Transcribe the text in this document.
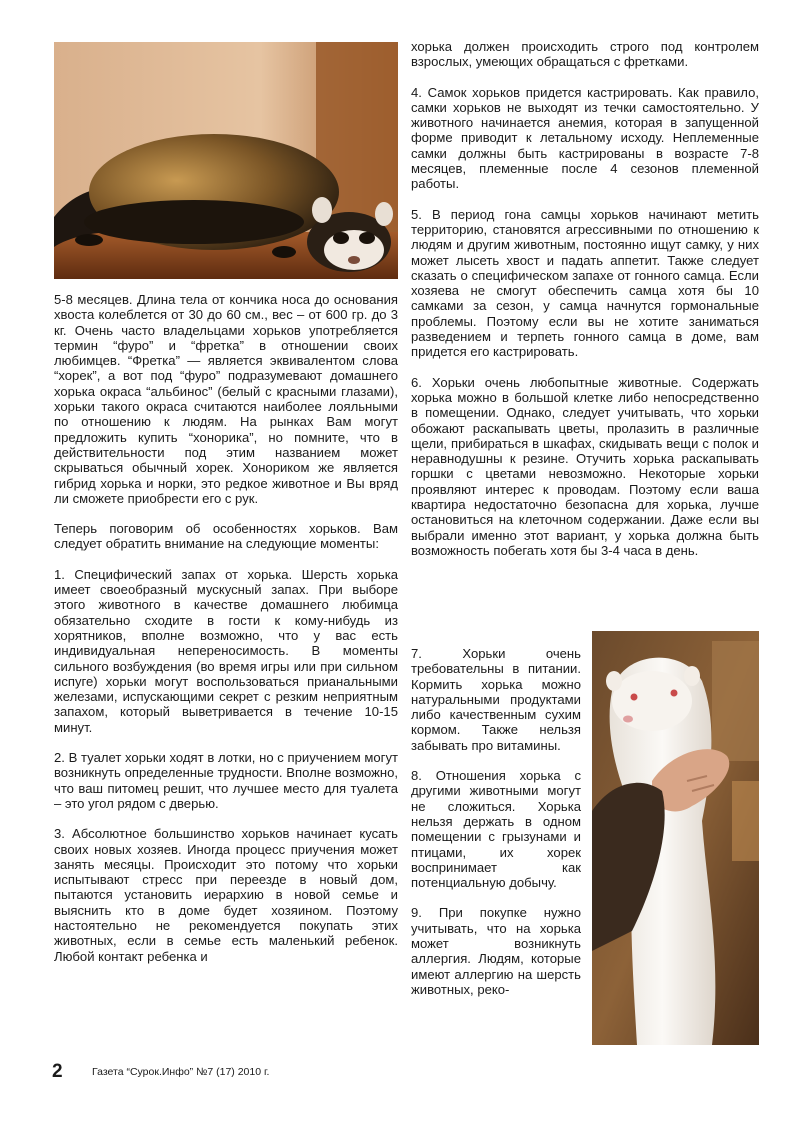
5-8 месяцев. Длина тела от кончика носа до основания хвоста колеблется от 30 до 60 см., вес – от 600 гр. до 3 кг. Очень часто владельцами хорьков употребляется термин “фуро” и “фретка” в отношении своих любимцев. “Фретка” — является эквивалентом слова “хорек”, а вот под “фуро” подразумевают домашнего хорька окраса “альбинос” (белый с красными глазами), хорьки такого окраса считаются наиболее лояльными по отношению к людям. На рынках Вам могут предложить купить “хонорика”, но помните, что в действительности под этим названием может скрываться обычный хорек. Хонориком же является гибрид хорька и норки, это редкое животное и Вы вряд ли сможете приобрести его с рук.

Теперь поговорим об особенностях хорьков. Вам следует обратить внимание на следующие моменты:

1. Специфический запах от хорька. Шерсть хорька имеет своеобразный мускусный запах. При выборе этого животного в качестве домашнего любимца обязательно сходите в гости к кому-нибудь из хорятников, вполне возможно, что у вас есть индивидуальная непереносимость. В моменты сильного возбуждения (во время игры или при сильном испуге) хорьки могут воспользоваться прианальными железами, испускающими секрет с резким неприятным запахом, который выветривается в течение 10-15 минут.

2. В туалет хорьки ходят в лотки, но с приучением могут возникнуть определенные трудности. Вполне возможно, что ваш питомец решит, что лучшее место для туалета – это угол рядом с дверью.

3. Абсолютное большинство хорьков начинает кусать своих новых хозяев. Иногда процесс приучения может занять месяцы. Происходит это потому что хорьки испытывают стресс при переезде в новый дом, пытаются установить иерархию в новой семье и выяснить кто в доме будет хозяином. Поэтому настоятельно не рекомендуется покупать этих животных, если в семье есть маленький ребенок. Любой контакт ребенка и

хорька должен происходить строго под контролем взрослых, умеющих обращаться с фретками.

4. Самок хорьков придется кастрировать. Как правило, самки хорьков не выходят из течки самостоятельно. У животного начинается анемия, которая в запущенной форме приводит к летальному исходу. Неплеменные самки должны быть кастрированы в возрасте 7-8 месяцев, племенные после 4 сезонов племенной работы.

5. В период гона самцы хорьков начинают метить территорию, становятся агрессивными по отношению к людям и другим животным, постоянно ищут самку, у них может лысеть хвост и падать аппетит. Также следует сказать о специфическом запахе от гонного самца. Если хозяева не смогут обеспечить самца хотя бы 10 самками за сезон, у самца начнутся гормональные проблемы. Поэтому если вы не хотите заниматься разведением и терпеть гонного самца в доме, вам придется его кастрировать.

6. Хорьки очень любопытные животные. Содержать хорька можно в большой клетке либо непосредственно в помещении. Однако, следует учитывать, что хорьки обожают раскапывать цветы, пролазить в различные щели, прибираться в шкафах, скидывать вещи с полок и неравнодушны к резине. Отучить хорька раскапывать горшки с цветами невозможно. Некоторые хорьки проявляют интерес к проводам. Поэтому если ваша квартира недостаточно безопасна для хорька, лучше остановиться на клеточном содержании. Даже если вы выбрали именно этот вариант, у хорька должна быть возможность побегать хотя бы 3-4 часа в день.

7. Хорьки очень требовательны в питании. Кормить хорька можно натуральными продуктами либо качественным сухим кормом. Также нельзя забывать про витамины.

8. Отношения хорька с другими животными могут не сложиться. Хорька нельзя держать в одном помещении с грызунами и птицами, их хорек воспринимает как потенциальную добычу.

9. При покупке нужно учитывать, что на хорька может возникнуть аллергия. Людям, которые имеют аллергию на шерсть животных, реко-

2	Газета “Сурок.Инфо” №7 (17) 2010 г.
